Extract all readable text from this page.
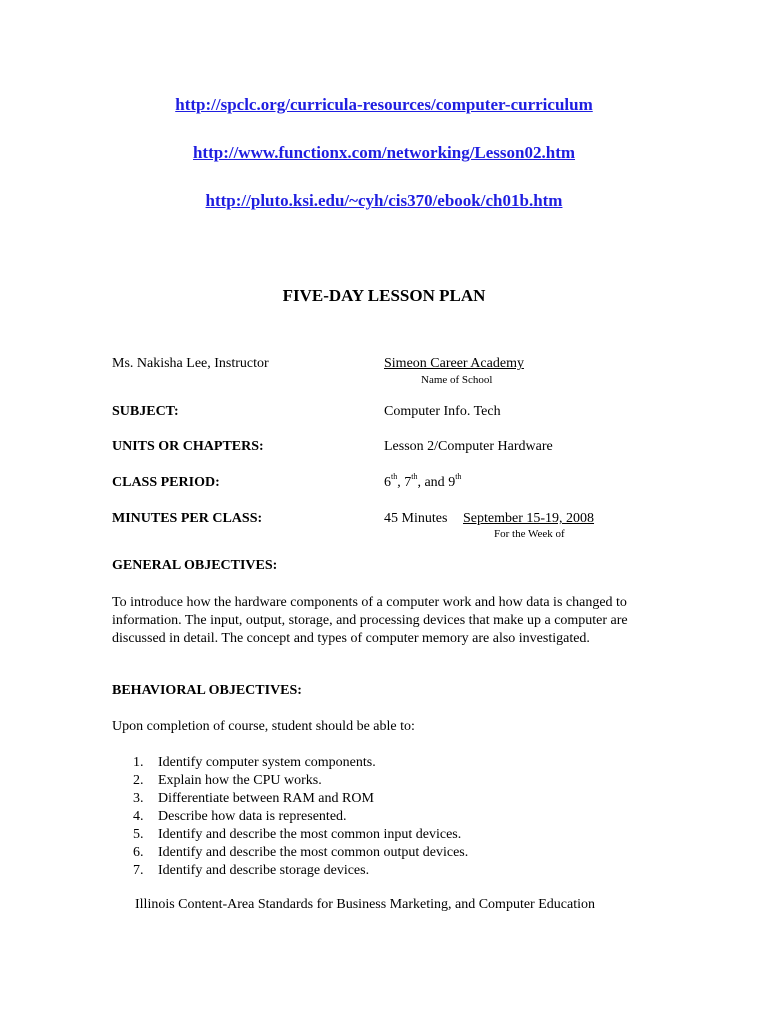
http://spclc.org/curricula-resources/computer-curriculum
http://www.functionx.com/networking/Lesson02.htm
http://pluto.ksi.edu/~cyh/cis370/ebook/ch01b.htm
FIVE-DAY LESSON PLAN
Ms. Nakisha Lee, Instructor	Simeon Career Academy
Name of School
SUBJECT:	Computer Info. Tech
UNITS OR CHAPTERS:	Lesson 2/Computer Hardware
CLASS PERIOD:	6th, 7th, and 9th
MINUTES PER CLASS:	45 Minutes September 15-19, 2008
For the Week of
GENERAL OBJECTIVES:
To introduce how the hardware components of a computer work and how data is changed to information. The input, output, storage, and processing devices that make up a computer are discussed in detail. The concept and types of computer memory are also investigated.
BEHAVIORAL OBJECTIVES:
Upon completion of course, student should be able to:
1. Identify computer system components.
2. Explain how the CPU works.
3. Differentiate between RAM and ROM
4. Describe how data is represented.
5. Identify and describe the most common input devices.
6. Identify and describe the most common output devices.
7. Identify and describe storage devices.
Illinois Content-Area Standards for Business Marketing, and Computer Education
